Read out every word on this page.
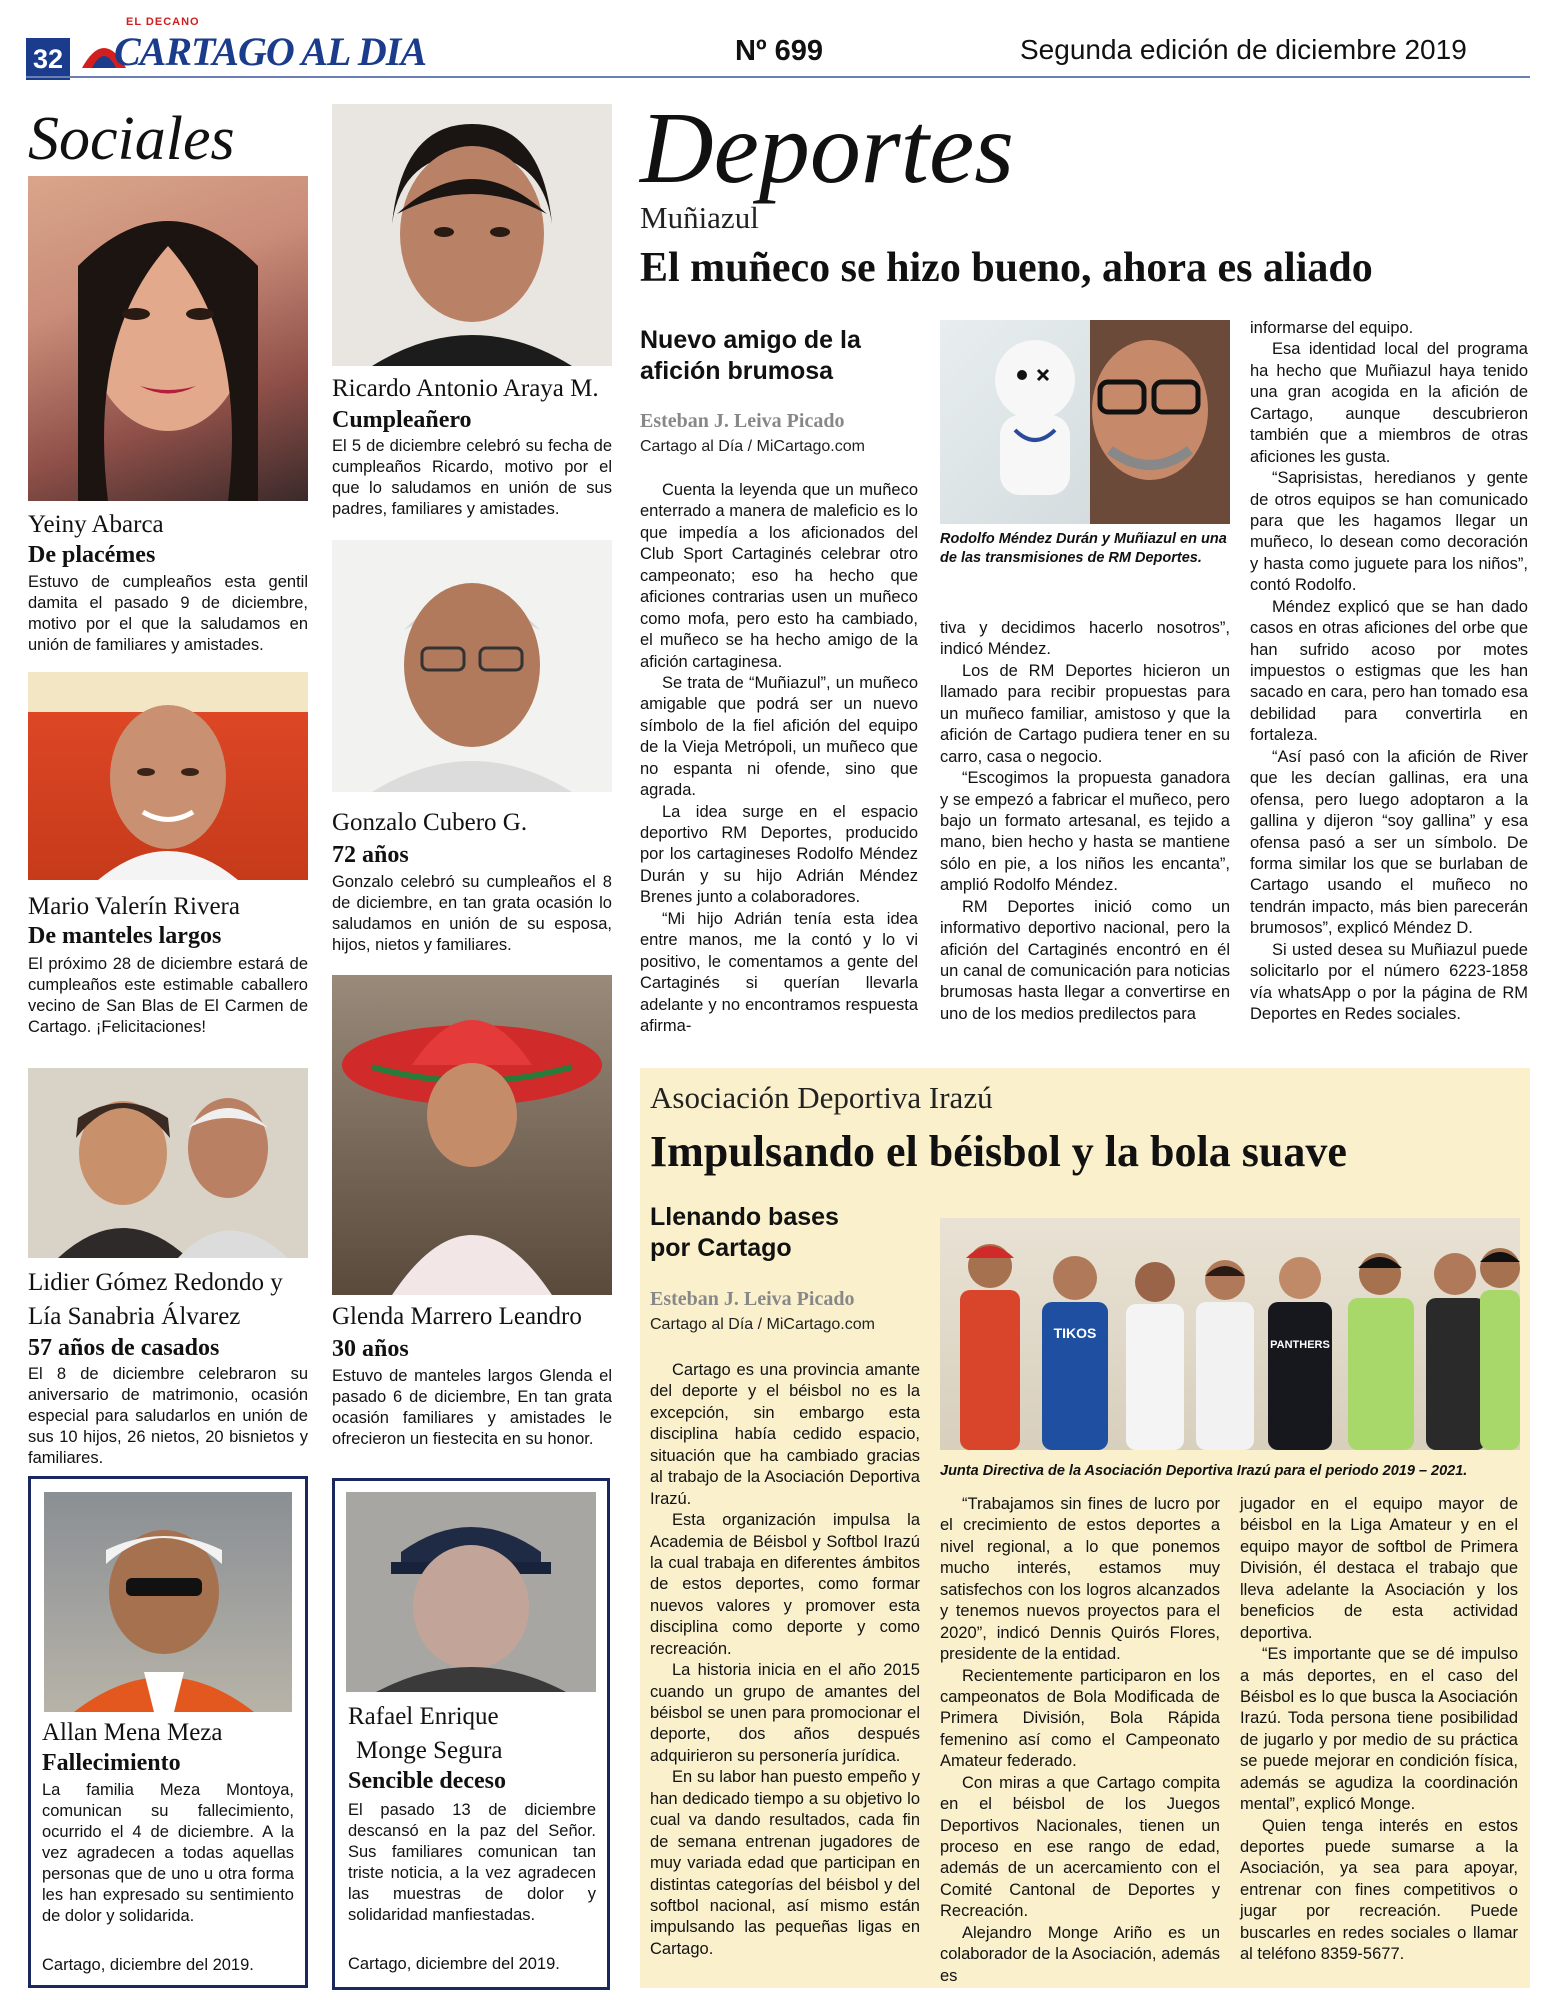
32
EL DECANO
CARTAGO AL DIA	Nº 699	Segunda edición de diciembre 2019
Sociales
Yeiny Abarca
De placémes
Estuvo de cumpleaños esta gentil damita el pasado 9 de diciembre, motivo por el que la saludamos en unión de familiares y amistades.
Mario Valerín Rivera
De manteles largos
El próximo 28 de diciembre estará de cumpleaños este estimable caballero vecino de San Blas de El Carmen de Cartago. ¡Felicitaciones!
Lidier Gómez Redondo y
Lía Sanabria Álvarez
57 años de casados
El 8 de diciembre celebraron su aniversario de matrimonio, ocasión especial para saludarlos en unión de sus 10 hijos, 26 nietos, 20 bisnietos y familiares.
Allan Mena Meza
Fallecimiento
La familia Meza Montoya, comunican su fallecimiento, ocurrido el 4 de diciembre. A la vez agradecen a todas aquellas personas que de uno u otra forma les han expresado su sentimiento de dolor y solidarida.
Cartago, diciembre del 2019.
Ricardo Antonio Araya M.
Cumpleañero
El 5 de diciembre celebró su fecha de cumpleaños Ricardo, motivo por el que lo saludamos en unión de sus padres, familiares y amistades.
Gonzalo Cubero G.
72 años
Gonzalo celebró su cumpleaños el 8 de diciembre, en tan grata ocasión lo saludamos en unión de su esposa, hijos, nietos y familiares.
Glenda Marrero Leandro
30 años
Estuvo de manteles largos Glenda el pasado 6 de diciembre, En tan grata ocasión familiares y amistades le ofrecieron un fiestecita en su honor.
Rafael Enrique
Monge Segura
Sencible deceso
El pasado 13 de diciembre descansó en la paz del Señor. Sus familiares comunican tan triste noticia, a la vez agradecen las muestras de dolor y solidaridad manfiestadas.
Cartago, diciembre del 2019.
Deportes
Muñiazul
El muñeco se hizo bueno, ahora es aliado
Nuevo amigo de la afición brumosa
Esteban J. Leiva Picado
Cartago al Día / MiCartago.com
Rodolfo Méndez Durán y Muñiazul en una de las transmisiones de RM Deportes.

Cuenta la leyenda que un muñeco enterrado a manera de maleficio es lo que impedía a los aficionados del Club Sport Cartaginés celebrar otro campeonato; eso ha hecho que aficiones contrarias usen un muñeco como mofa, pero esto ha cambiado, el muñeco se ha hecho amigo de la afición cartaginesa.

Se trata de “Muñiazul”, un muñeco amigable que podrá ser un nuevo símbolo de la fiel afición del equipo de la Vieja Metrópoli, un muñeco que no espanta ni ofende, sino que agrada.

La idea surge en el espacio deportivo RM Deportes, producido por los cartagineses Rodolfo Méndez Durán y su hijo Adrián Méndez Brenes junto a colaboradores.

“Mi hijo Adrián tenía esta idea entre manos, me la contó y lo vi positivo, le comentamos a gente del Cartaginés si querían llevarla adelante y no encontramos respuesta afirma-

tiva y decidimos hacerlo nosotros”, indicó Méndez.

Los de RM Deportes hicieron un llamado para recibir propuestas para un muñeco familiar, amistoso y que la afición de Cartago pudiera tener en su carro, casa o negocio.

“Escogimos la propuesta ganadora y se empezó a fabricar el muñeco, pero bajo un formato artesanal, es tejido a mano, bien hecho y hasta se mantiene sólo en pie, a los niños les encanta”, amplió Rodolfo Méndez.

RM Deportes inició como un informativo deportivo nacional, pero la afición del Cartaginés encontró en él un canal de comunicación para noticias brumosas hasta llegar a convertirse en uno de los medios predilectos para

informarse del equipo.

Esa identidad local del programa ha hecho que Muñiazul haya tenido una gran acogida en la afición de Cartago, aunque descubrieron también que a miembros de otras aficiones les gusta.

“Saprisistas, heredianos y gente de otros equipos se han comunicado para que les hagamos llegar un muñeco, lo desean como decoración y hasta como juguete para los niños”, contó Rodolfo.

Méndez explicó que se han dado casos en otras aficiones del orbe que han sufrido acoso por motes impuestos o estigmas que les han sacado en cara, pero han tomado esa debilidad para convertirla en fortaleza.

“Así pasó con la afición de River que les decían gallinas, era una ofensa, pero luego adoptaron a la gallina y dijeron “soy gallina” y esa ofensa pasó a ser un símbolo. De forma similar los que se burlaban de Cartago usando el muñeco no tendrán impacto, más bien parecerán brumosos”, explicó Méndez D.

Si usted desea su Muñiazul puede solicitarlo por el número 6223-1858 vía whatsApp o por la página de RM Deportes en Redes sociales.

Asociación Deportiva Irazú
Impulsando el béisbol y la bola suave
Llenando bases por Cartago
Esteban J. Leiva Picado
Cartago al Día / MiCartago.com	TIKOS
PANTHERS
Junta Directiva de la Asociación Deportiva Irazú para el periodo 2019 – 2021.

Cartago es una provincia amante del deporte y el béisbol no es la excepción, sin embargo esta disciplina había cedido espacio, situación que ha cambiado gracias al trabajo de la Asociación Deportiva Irazú.

Esta organización impulsa la Academia de Béisbol y Softbol Irazú la cual trabaja en diferentes ámbitos de estos deportes, como formar nuevos valores y promover esta disciplina como deporte y como recreación.

La historia inicia en el año 2015 cuando un grupo de amantes del béisbol se unen para promocionar el deporte, dos años después adquirieron su personería jurídica.

En su labor han puesto empeño y han dedicado tiempo a su objetivo lo cual va dando resultados, cada fin de semana entrenan jugadores de muy variada edad que participan en distintas categorías del béisbol y del softbol nacional, así mismo están impulsando las pequeñas ligas en Cartago.

“Trabajamos sin fines de lucro por el crecimiento de estos deportes a nivel regional, a lo que ponemos mucho interés, estamos muy satisfechos con los logros alcanzados y tenemos nuevos proyectos para el 2020”, indicó Dennis Quirós Flores, presidente de la entidad.

Recientemente participaron en los campeonatos de Bola Modificada de Primera División, Bola Rápida femenino así como el Campeonato Amateur federado.

Con miras a que Cartago compita en el béisbol de los Juegos Deportivos Nacionales, tienen un proceso en ese rango de edad, además de un acercamiento con el Comité Cantonal de Deportes y Recreación.

Alejandro Monge Ariño es un colaborador de la Asociación, además es

jugador en el equipo mayor de béisbol en la Liga Amateur y en el equipo mayor de softbol de Primera División, él destaca el trabajo que lleva adelante la Asociación y los beneficios de esta actividad deportiva.

“Es importante que se dé impulso a más deportes, en el caso del Béisbol es lo que busca la Asociación Irazú. Toda persona tiene posibilidad de jugarlo y por medio de su práctica se puede mejorar en condición física, además se agudiza la coordinación mental”, explicó Monge.

Quien tenga interés en estos deportes puede sumarse a la Asociación, ya sea para apoyar, entrenar con fines competitivos o jugar por recreación. Puede buscarles en redes sociales o llamar al teléfono 8359-5677.
